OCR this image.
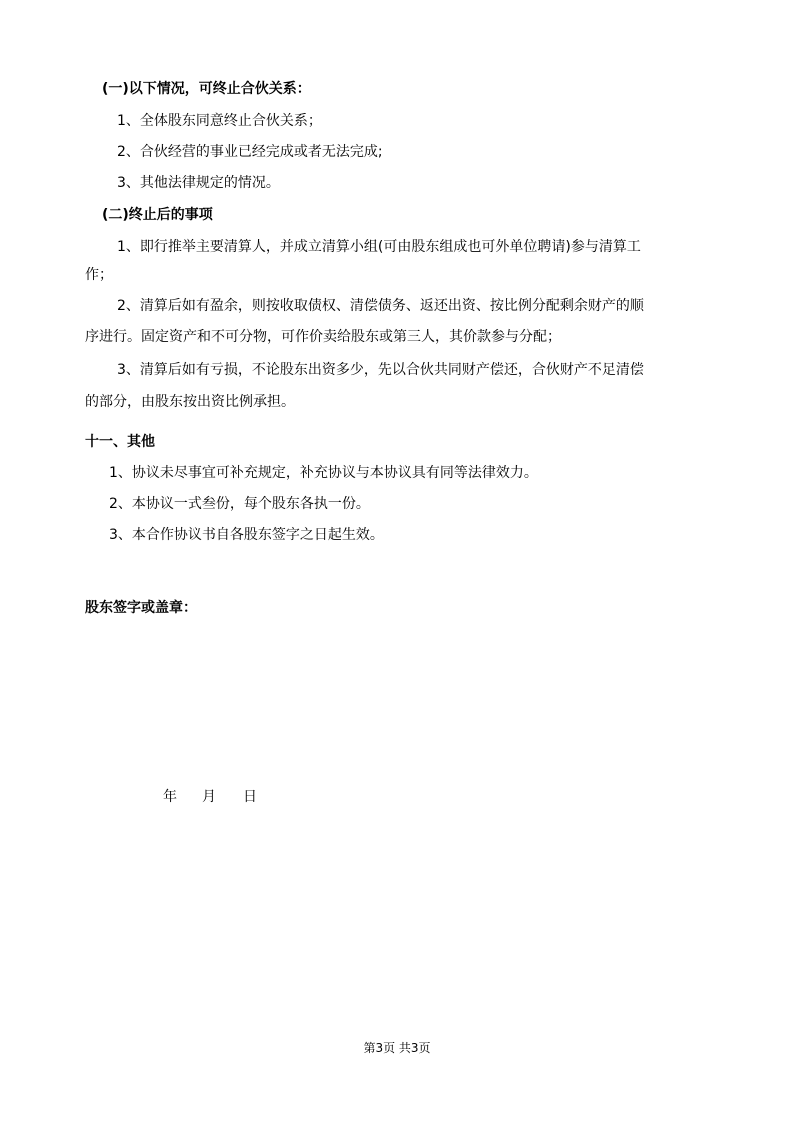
(一)以下情况，可终止合伙关系：
1、全体股东同意终止合伙关系；
2、合伙经营的事业已经完成或者无法完成;
3、其他法律规定的情况。
(二)终止后的事项
1、即行推举主要清算人，并成立清算小组(可由股东组成也可外单位聘请)参与清算工
作；
2、清算后如有盈余，则按收取债权、清偿债务、返还出资、按比例分配剩余财产的顺
序进行。固定资产和不可分物，可作价卖给股东或第三人，其价款参与分配；
3、清算后如有亏损，不论股东出资多少，先以合伙共同财产偿还，合伙财产不足清偿
的部分，由股东按出资比例承担。
十一、其他
1、协议未尽事宜可补充规定，补充协议与本协议具有同等法律效力。
2、本协议一式叁份，每个股东各执一份。
3、本合作协议书自各股东签字之日起生效。
股东签字或盖章：
年 月 日
第3页 共3页
